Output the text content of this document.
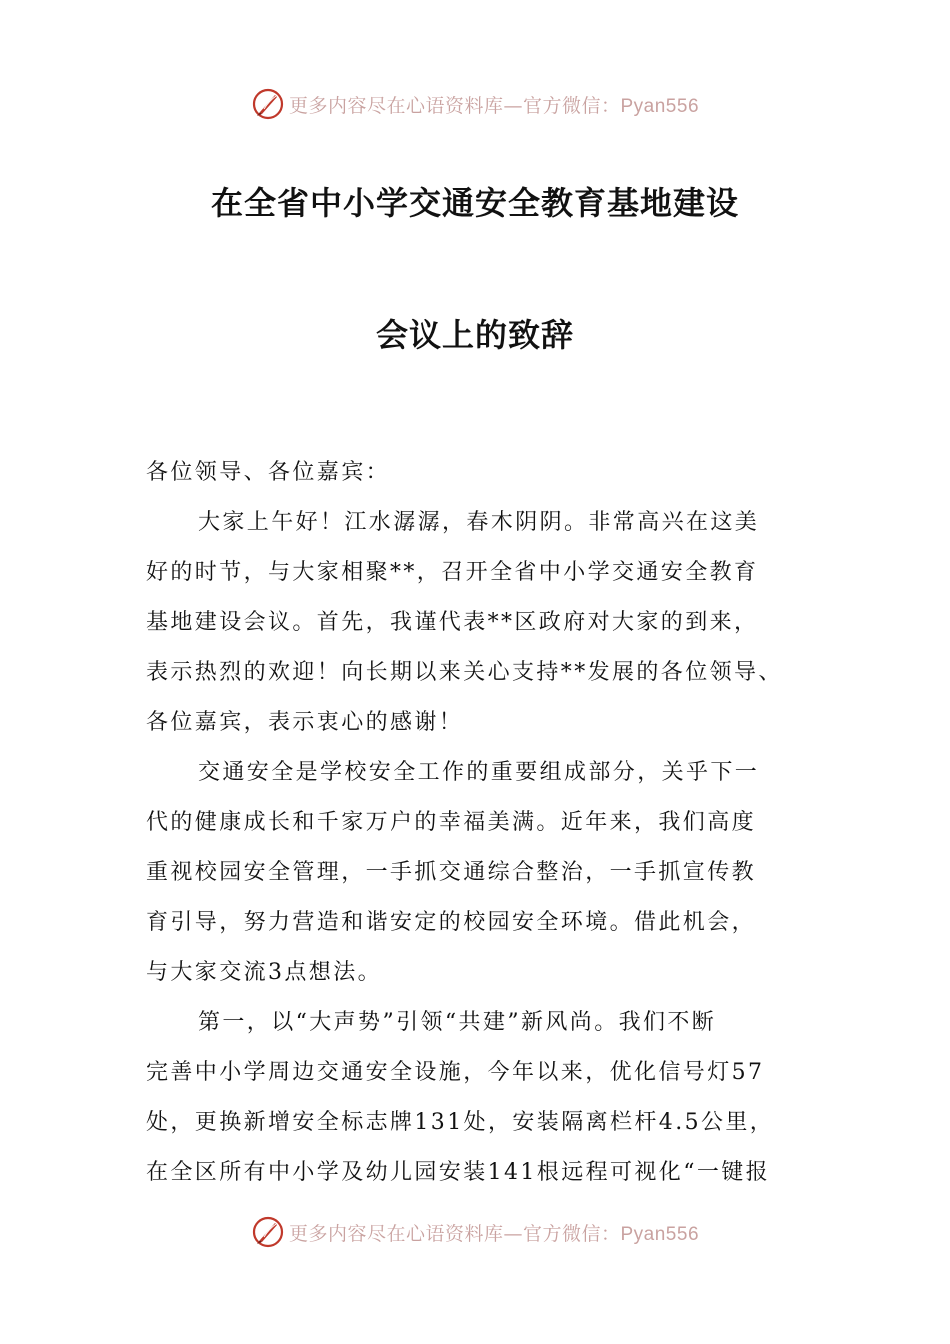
更多内容尽在心语资料库—官方微信：Pyan556
在全省中小学交通安全教育基地建设
会议上的致辞
各位领导、各位嘉宾：
大家上午好！江水潺潺，春木阴阴。非常高兴在这美
好的时节，与大家相聚**，召开全省中小学交通安全教育
基地建设会议。首先，我谨代表**区政府对大家的到来，
表示热烈的欢迎！向长期以来关心支持**发展的各位领导、
各位嘉宾，表示衷心的感谢！
交通安全是学校安全工作的重要组成部分，关乎下一
代的健康成长和千家万户的幸福美满。近年来，我们高度
重视校园安全管理，一手抓交通综合整治，一手抓宣传教
育引导，努力营造和谐安定的校园安全环境。借此机会，
与大家交流3点想法。
第一，以“大声势”引领“共建”新风尚。我们不断
完善中小学周边交通安全设施，今年以来，优化信号灯57
处，更换新增安全标志牌131处，安装隔离栏杆4.5公里，
在全区所有中小学及幼儿园安装141根远程可视化“一键报
更多内容尽在心语资料库—官方微信：Pyan556
